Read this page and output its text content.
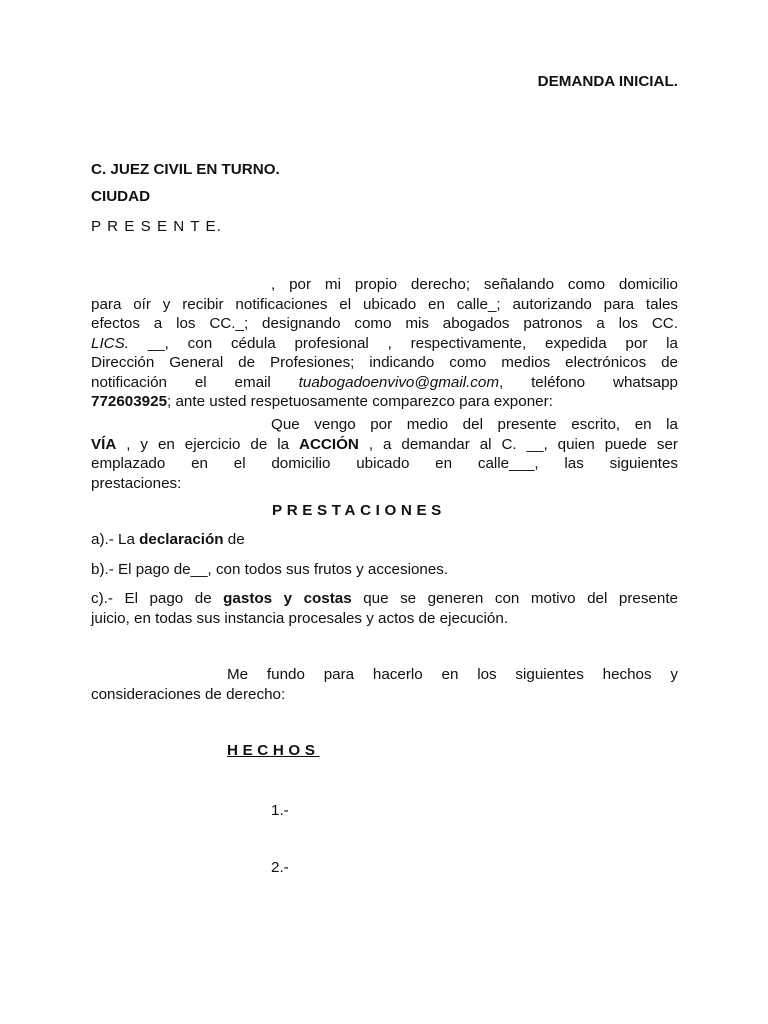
DEMANDA INICIAL.
C. JUEZ CIVIL EN TURNO.
CIUDAD
P R E S E N T E.
, por mi propio derecho; señalando como domicilio
para oír y recibir notificaciones el ubicado en calle_; autorizando para tales
efectos a los CC._; designando como mis abogados patronos a los CC.
LICS. __, con cédula profesional , respectivamente, expedida por la
Dirección General de Profesiones; indicando como medios electrónicos de
notificación el email tuabogadoenvivo@gmail.com, teléfono whatsapp
772603925; ante usted respetuosamente comparezco para exponer:
Que vengo por medio del presente escrito, en la
VÍA , y en ejercicio de la ACCIÓN , a demandar al C. __, quien puede ser
emplazado en el domicilio ubicado en calle___, las siguientes
prestaciones:
PRESTACIONES
a).- La declaración de
b).- El pago de__, con todos sus frutos y accesiones.
c).- El pago de gastos y costas que se generen con motivo del presente
juicio, en todas sus instancia procesales y actos de ejecución.
Me fundo para hacerlo en los siguientes hechos y
consideraciones de derecho:
HECHOS
1.-
2.-
